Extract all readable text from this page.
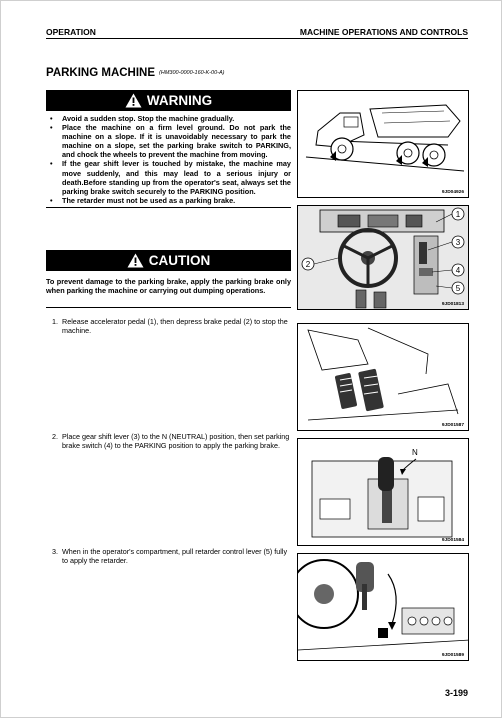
OPERATION	MACHINE OPERATIONS AND CONTROLS
PARKING MACHINE (HM300-0000-160-K-00-A)
WARNING
• Avoid a sudden stop. Stop the machine gradually.
• Place the machine on a firm level ground. Do not park the machine on a slope. If it is unavoidably necessary to park the machine on a slope, set the parking brake switch to PARKING, and chock the wheels to prevent the machine from moving.
• If the gear shift lever is touched by mistake, the machine may move suddenly, and this may lead to a serious injury or death.Before standing up from the operator's seat, always set the parking brake switch securely to the PARKING position.
• The retarder must not be used as a parking brake.
CAUTION
To prevent damage to the parking brake, apply the parking brake only when parking the machine or carrying out dumping operations.
1. Release accelerator pedal (1), then depress brake pedal (2) to stop the machine.
2. Place gear shift lever (3) to the N (NEUTRAL) position, then set parking brake switch (4) to the PARKING position to apply the parking brake.
3. When in the operator's compartment, pull retarder control lever (5) fully to apply the retarder.
9JD04926
1
2
3
4
5
9JD01813
9JD01587
N
9JD01584
9JD01589
3-199
